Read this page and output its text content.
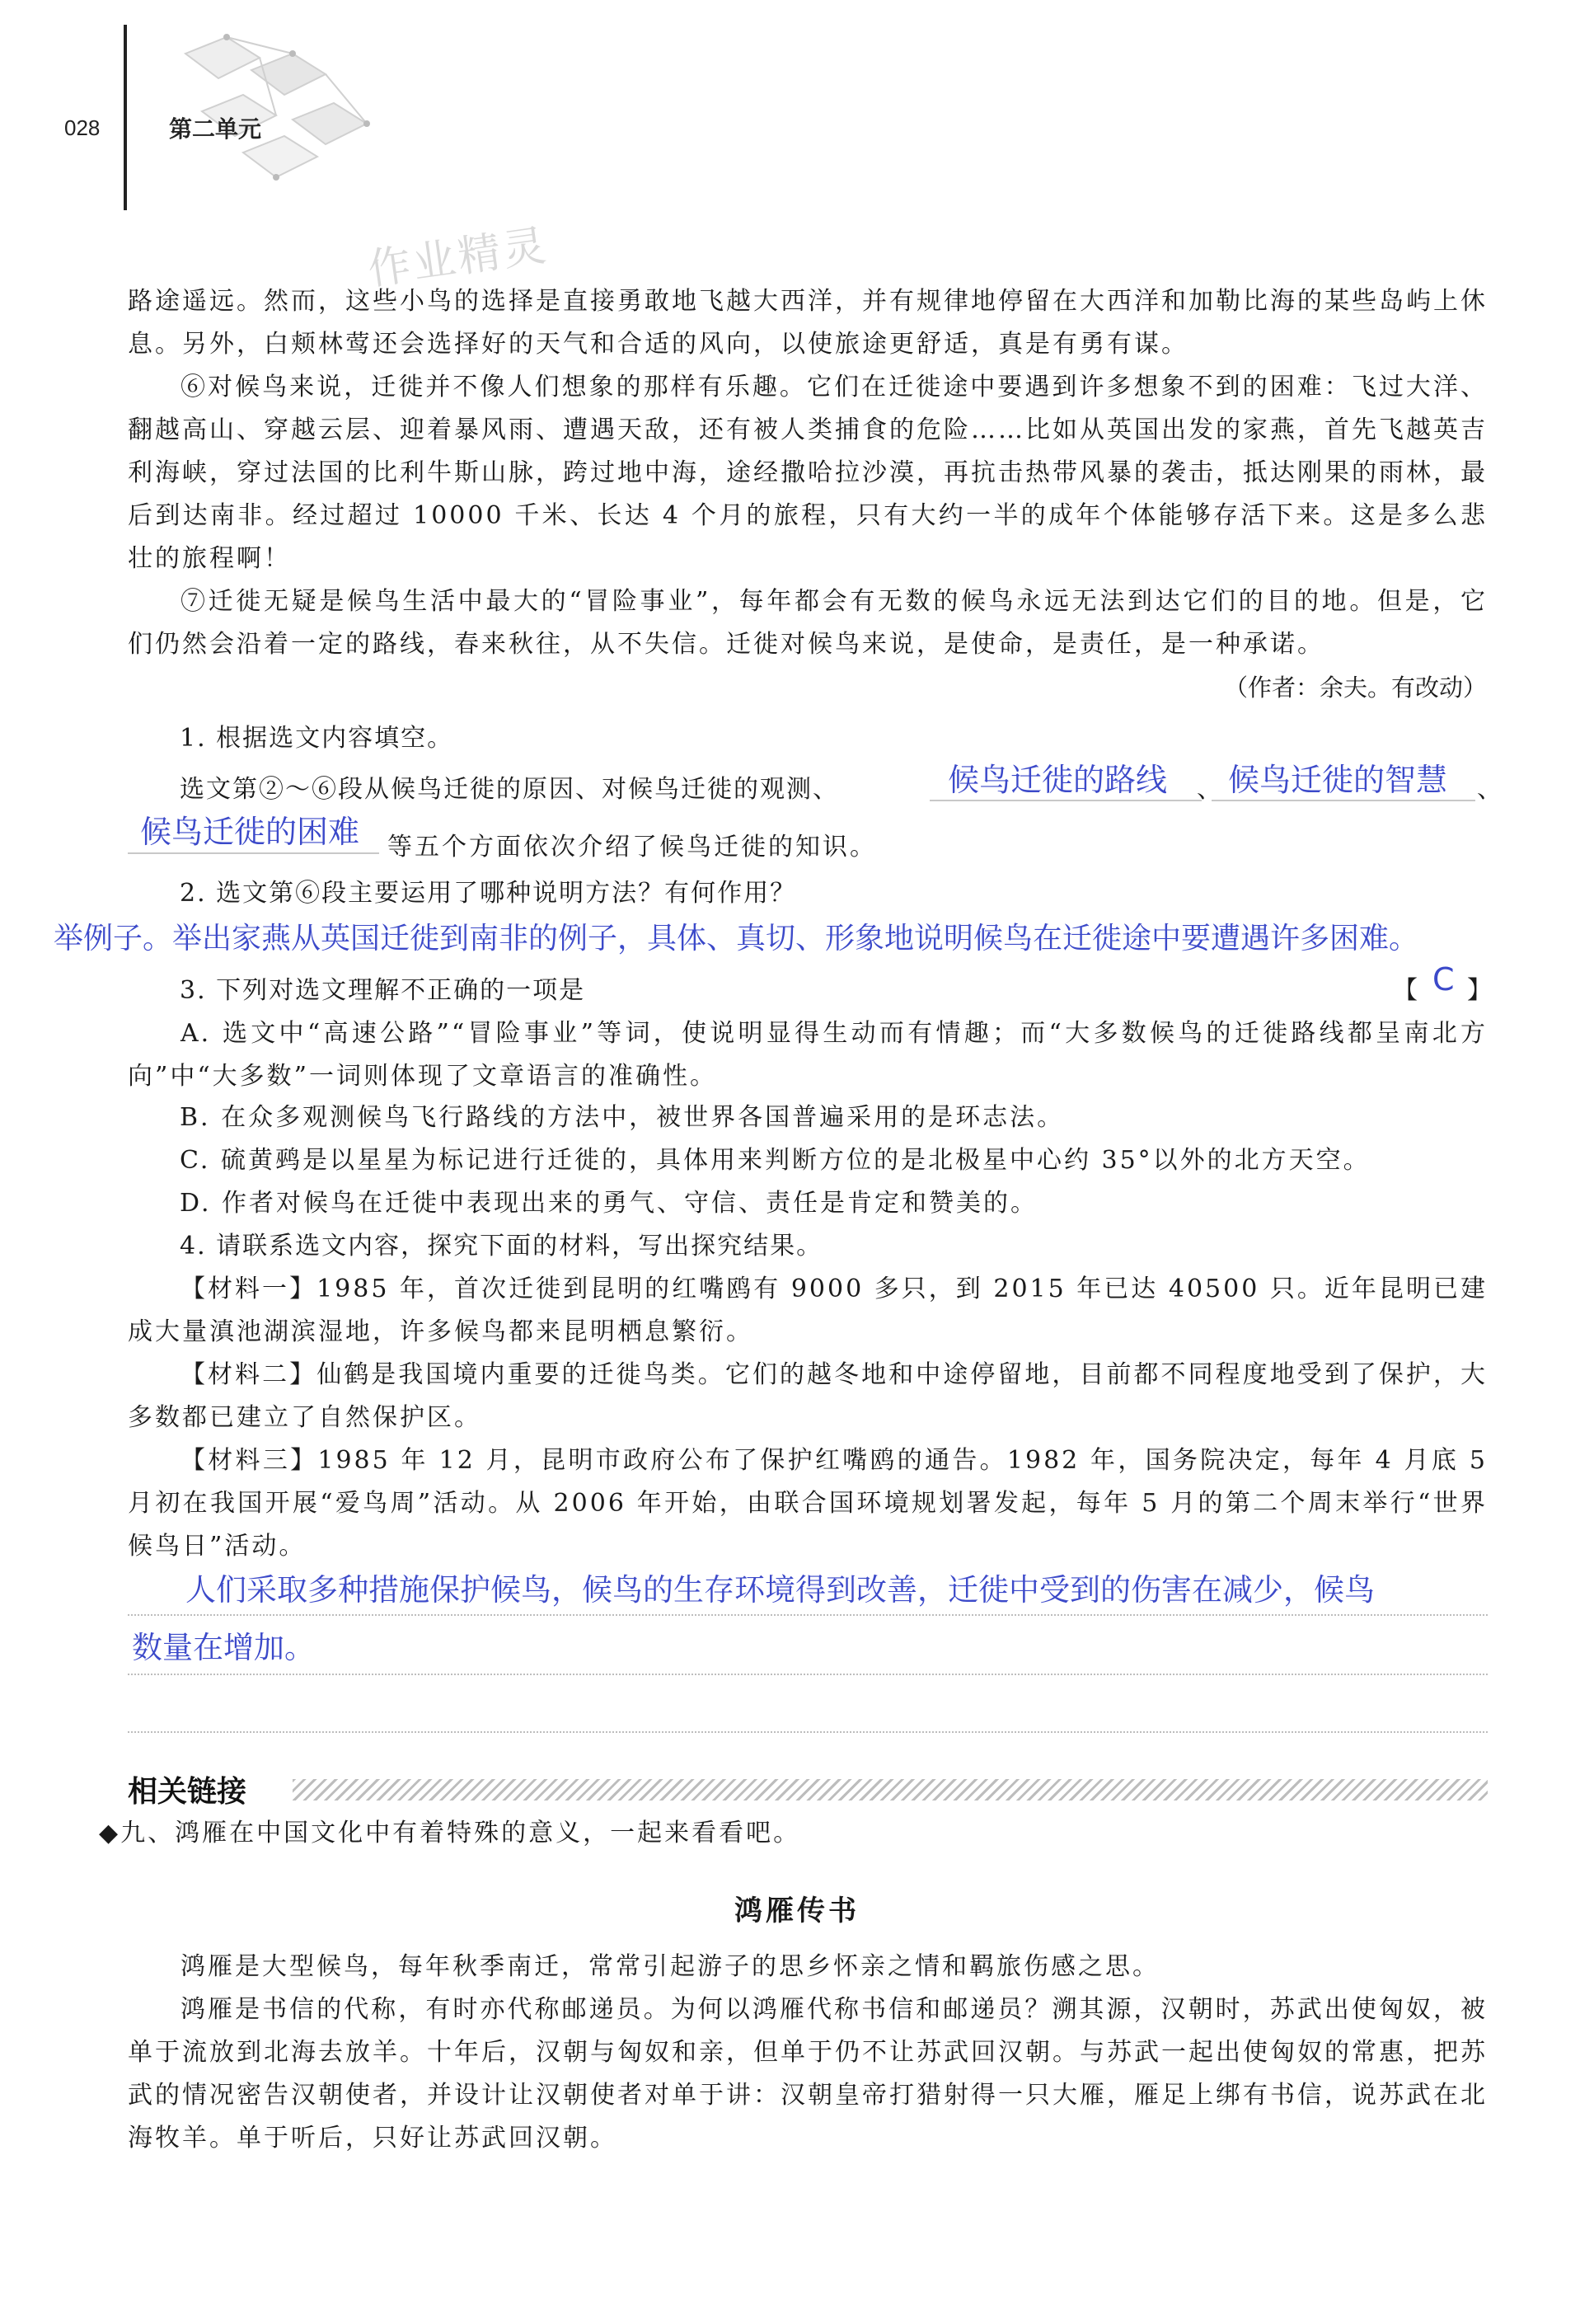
028	第二单元
作业精灵
路途遥远。然而，这些小鸟的选择是直接勇敢地飞越大西洋，并有规律地停留在大西洋和加勒比海的某些岛屿上休息。另外，白颊林莺还会选择好的天气和合适的风向，以使旅途更舒适，真是有勇有谋。
⑥对候鸟来说，迁徙并不像人们想象的那样有乐趣。它们在迁徙途中要遇到许多想象不到的困难：飞过大洋、翻越高山、穿越云层、迎着暴风雨、遭遇天敌，还有被人类捕食的危险……比如从英国出发的家燕，首先飞越英吉利海峡，穿过法国的比利牛斯山脉，跨过地中海，途经撒哈拉沙漠，再抗击热带风暴的袭击，抵达刚果的雨林，最后到达南非。经过超过 10000 千米、长达 4 个月的旅程，只有大约一半的成年个体能够存活下来。这是多么悲壮的旅程啊！
⑦迁徙无疑是候鸟生活中最大的“冒险事业”，每年都会有无数的候鸟永远无法到达它们的目的地。但是，它们仍然会沿着一定的路线，春来秋往，从不失信。迁徙对候鸟来说，是使命，是责任，是一种承诺。
（作者：余夫。有改动）
1. 根据选文内容填空。
选文第②～⑥段从候鸟迁徙的原因、对候鸟迁徙的观测、	候鸟迁徙的路线 、 候鸟迁徙的智慧 、
候鸟迁徙的困难 等五个方面依次介绍了候鸟迁徙的知识。
2. 选文第⑥段主要运用了哪种说明方法？有何作用？
举例子。举出家燕从英国迁徙到南非的例子，具体、真切、形象地说明候鸟在迁徙途中要遭遇许多困难。
3. 下列对选文理解不正确的一项是	【 C 】
A. 选文中“高速公路”“冒险事业”等词，使说明显得生动而有情趣；而“大多数候鸟的迁徙路线都呈南北方向”中“大多数”一词则体现了文章语言的准确性。
B. 在众多观测候鸟飞行路线的方法中，被世界各国普遍采用的是环志法。
C. 硫黄鹀是以星星为标记进行迁徙的，具体用来判断方位的是北极星中心约 35°以外的北方天空。
D. 作者对候鸟在迁徙中表现出来的勇气、守信、责任是肯定和赞美的。
4. 请联系选文内容，探究下面的材料，写出探究结果。
【材料一】1985 年，首次迁徙到昆明的红嘴鸥有 9000 多只，到 2015 年已达 40500 只。近年昆明已建成大量滇池湖滨湿地，许多候鸟都来昆明栖息繁衍。
【材料二】仙鹤是我国境内重要的迁徙鸟类。它们的越冬地和中途停留地，目前都不同程度地受到了保护，大多数都已建立了自然保护区。
【材料三】1985 年 12 月，昆明市政府公布了保护红嘴鸥的通告。1982 年，国务院决定，每年 4 月底 5 月初在我国开展“爱鸟周”活动。从 2006 年开始，由联合国环境规划署发起，每年 5 月的第二个周末举行“世界候鸟日”活动。
人们采取多种措施保护候鸟，候鸟的生存环境得到改善，迁徙中受到的伤害在减少，候鸟
数量在增加。
相关链接
◆九、鸿雁在中国文化中有着特殊的意义，一起来看看吧。
鸿雁传书
鸿雁是大型候鸟，每年秋季南迁，常常引起游子的思乡怀亲之情和羁旅伤感之思。
鸿雁是书信的代称，有时亦代称邮递员。为何以鸿雁代称书信和邮递员？溯其源，汉朝时，苏武出使匈奴，被单于流放到北海去放羊。十年后，汉朝与匈奴和亲，但单于仍不让苏武回汉朝。与苏武一起出使匈奴的常惠，把苏武的情况密告汉朝使者，并设计让汉朝使者对单于讲：汉朝皇帝打猎射得一只大雁，雁足上绑有书信，说苏武在北海牧羊。单于听后，只好让苏武回汉朝。
